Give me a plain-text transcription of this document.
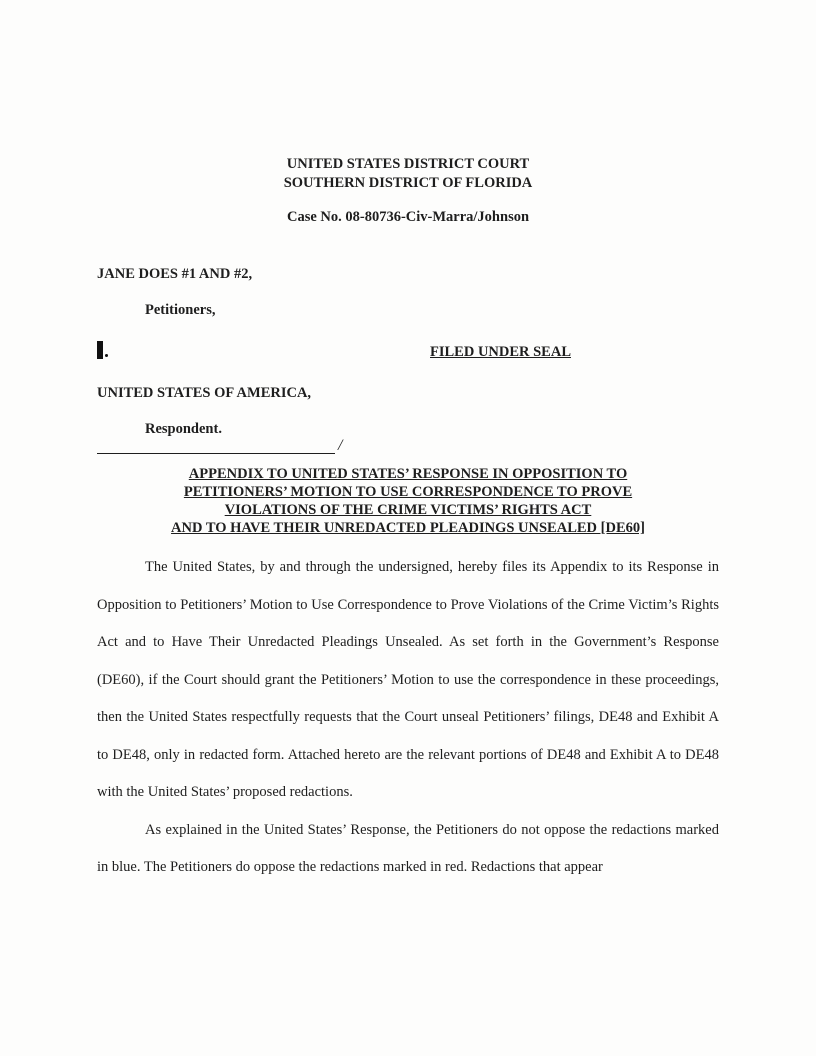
UNITED STATES DISTRICT COURT
SOUTHERN DISTRICT OF FLORIDA
Case No. 08-80736-Civ-Marra/Johnson
JANE DOES #1 AND #2,
Petitioners,
FILED UNDER SEAL
UNITED STATES OF AMERICA,
Respondent.
/
APPENDIX TO UNITED STATES’ RESPONSE IN OPPOSITION TO
PETITIONERS’ MOTION TO USE CORRESPONDENCE TO PROVE
VIOLATIONS OF THE CRIME VICTIMS’ RIGHTS ACT
AND TO HAVE THEIR UNREDACTED PLEADINGS UNSEALED [DE60]

The United States, by and through the undersigned, hereby files its Appendix to its Response in Opposition to Petitioners’ Motion to Use Correspondence to Prove Violations of the Crime Victim’s Rights Act and to Have Their Unredacted Pleadings Unsealed. As set forth in the Government’s Response (DE60), if the Court should grant the Petitioners’ Motion to use the correspondence in these proceedings, then the United States respectfully requests that the Court unseal Petitioners’ filings, DE48 and Exhibit A to DE48, only in redacted form. Attached hereto are the relevant portions of DE48 and Exhibit A to DE48 with the United States’ proposed redactions.

As explained in the United States’ Response, the Petitioners do not oppose the redactions marked in blue. The Petitioners do oppose the redactions marked in red. Redactions that appear
